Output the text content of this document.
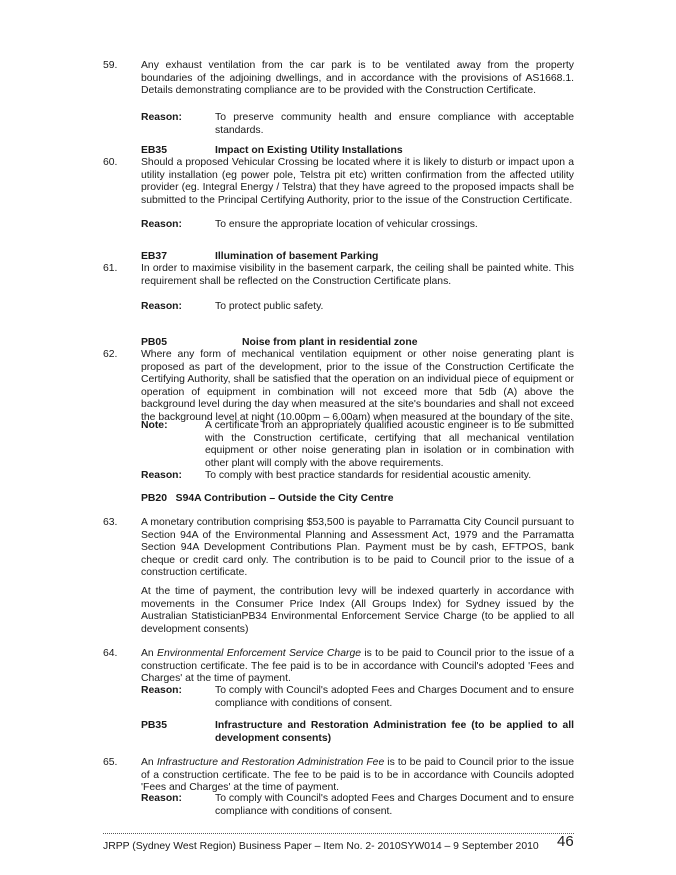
59. Any exhaust ventilation from the car park is to be ventilated away from the property boundaries of the adjoining dwellings, and in accordance with the provisions of AS1668.1. Details demonstrating compliance are to be provided with the Construction Certificate.
Reason:	To preserve community health and ensure compliance with acceptable standards.
EB35	Impact on Existing Utility Installations
60. Should a proposed Vehicular Crossing be located where it is likely to disturb or impact upon a utility installation (eg power pole, Telstra pit etc) written confirmation from the affected utility provider (eg. Integral Energy / Telstra) that they have agreed to the proposed impacts shall be submitted to the Principal Certifying Authority, prior to the issue of the Construction Certificate.
Reason:	To ensure the appropriate location of vehicular crossings.
EB37	Illumination of basement Parking
61. In order to maximise visibility in the basement carpark, the ceiling shall be painted white. This requirement shall be reflected on the Construction Certificate plans.
Reason:	To protect public safety.
PB05	Noise from plant in residential zone
62. Where any form of mechanical ventilation equipment or other noise generating plant is proposed as part of the development, prior to the issue of the Construction Certificate the Certifying Authority, shall be satisfied that the operation on an individual piece of equipment or operation of equipment in combination will not exceed more that 5db (A) above the background level during the day when measured at the site's boundaries and shall not exceed the background level at night (10.00pm – 6.00am) when measured at the boundary of the site.
Note:	A certificate from an appropriately qualified acoustic engineer is to be submitted with the Construction certificate, certifying that all mechanical ventilation equipment or other noise generating plan in isolation or in combination with other plant will comply with the above requirements.
Reason: To comply with best practice standards for residential acoustic amenity.
PB20 S94A Contribution – Outside the City Centre
63. A monetary contribution comprising $53,500 is payable to Parramatta City Council pursuant to Section 94A of the Environmental Planning and Assessment Act, 1979 and the Parramatta Section 94A Development Contributions Plan. Payment must be by cash, EFTPOS, bank cheque or credit card only. The contribution is to be paid to Council prior to the issue of a construction certificate.
At the time of payment, the contribution levy will be indexed quarterly in accordance with movements in the Consumer Price Index (All Groups Index) for Sydney issued by the Australian StatisticianPB34 Environmental Enforcement Service Charge (to be applied to all development consents)
64. An Environmental Enforcement Service Charge is to be paid to Council prior to the issue of a construction certificate. The fee paid is to be in accordance with Council's adopted 'Fees and Charges' at the time of payment.
Reason:	To comply with Council's adopted Fees and Charges Document and to ensure compliance with conditions of consent.
PB35	Infrastructure and Restoration Administration fee (to be applied to all development consents)
65. An Infrastructure and Restoration Administration Fee is to be paid to Council prior to the issue of a construction certificate. The fee to be paid is to be in accordance with Councils adopted 'Fees and Charges' at the time of payment.
Reason:	To comply with Council's adopted Fees and Charges Document and to ensure compliance with conditions of consent.
JRPP (Sydney West Region) Business Paper – Item No. 2- 2010SYW014 – 9 September 2010 46
